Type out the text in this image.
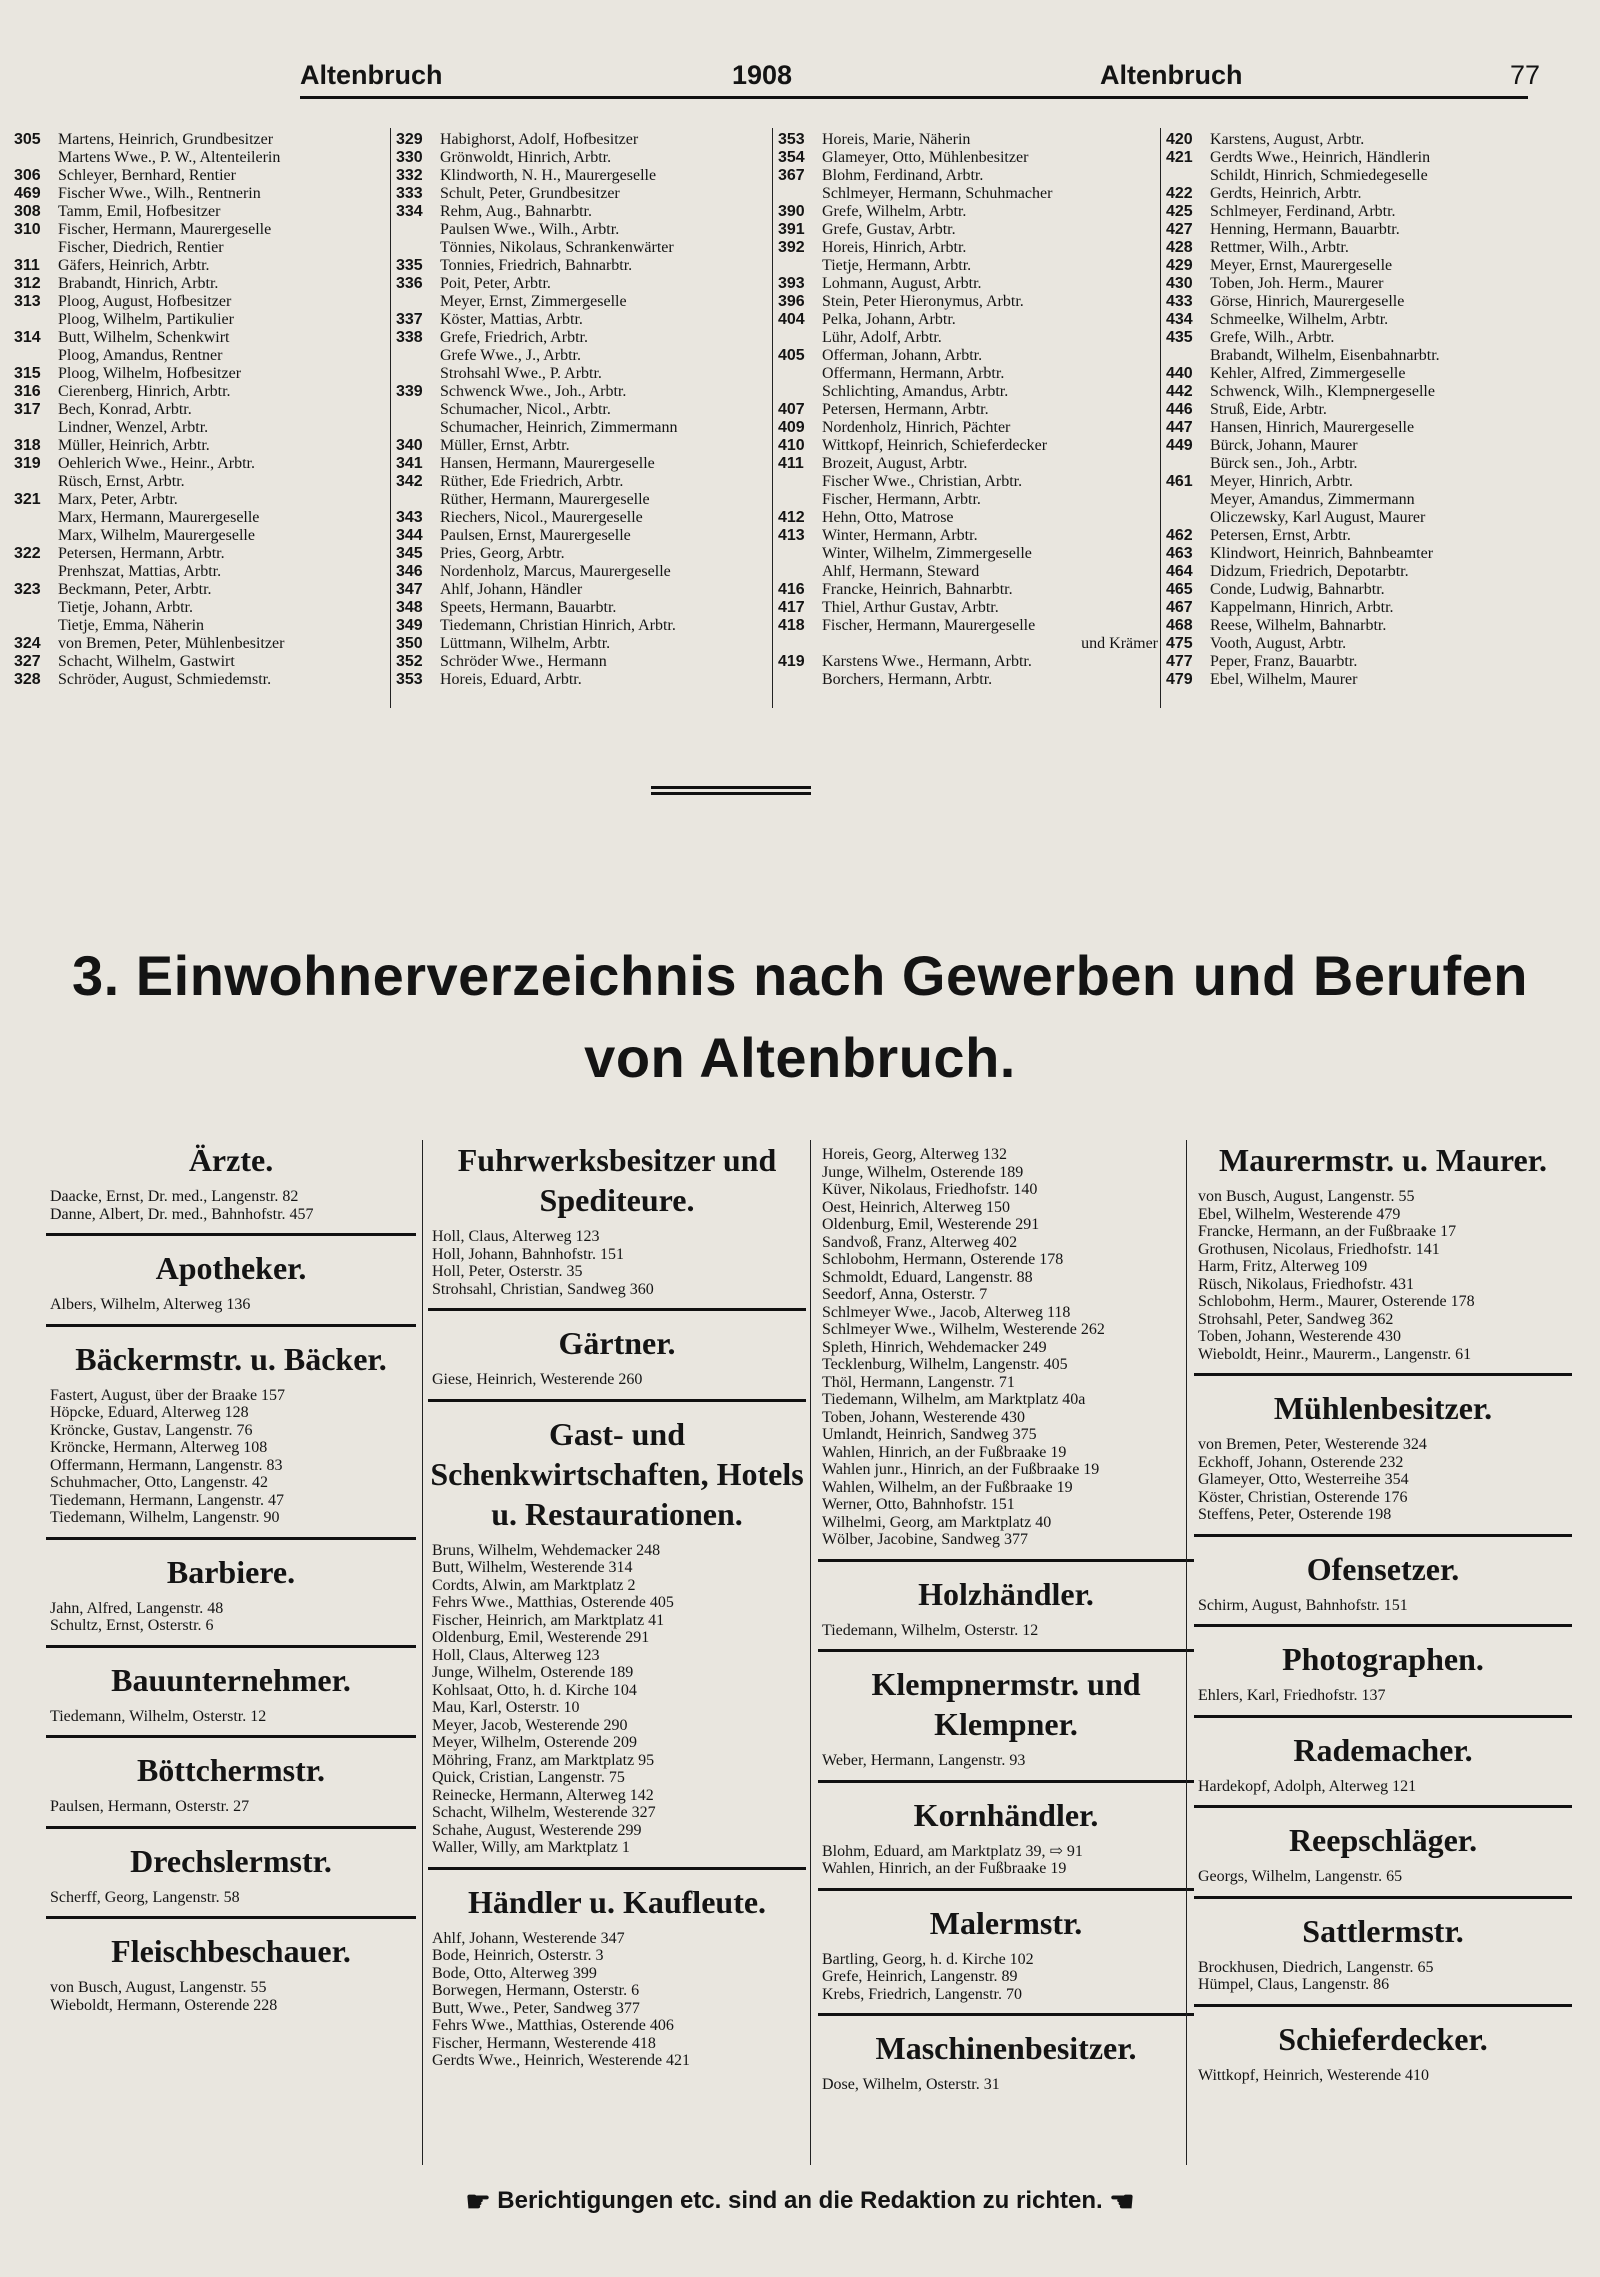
Altenbruch	1908	Altenbruch	77
305 Martens, Heinrich, Grundbesitzer
Martens Wwe., P. W., Altenteilerin
306 Schleyer, Bernhard, Rentier
469 Fischer Wwe., Wilh., Rentnerin
308 Tamm, Emil, Hofbesitzer
310 Fischer, Hermann, Maurergeselle
Fischer, Diedrich, Rentier
311 Gäfers, Heinrich, Arbtr.
312 Brabandt, Hinrich, Arbtr.
313 Ploog, August, Hofbesitzer
Ploog, Wilhelm, Partikulier
314 Butt, Wilhelm, Schenkwirt
Ploog, Amandus, Rentner
315 Ploog, Wilhelm, Hofbesitzer
316 Cierenberg, Hinrich, Arbtr.
317 Bech, Konrad, Arbtr.
Lindner, Wenzel, Arbtr.
318 Müller, Heinrich, Arbtr.
319 Oehlerich Wwe., Heinr., Arbtr.
Rüsch, Ernst, Arbtr.
321 Marx, Peter, Arbtr.
Marx, Hermann, Maurergeselle
Marx, Wilhelm, Maurergeselle
322 Petersen, Hermann, Arbtr.
Prenhszat, Mattias, Arbtr.
323 Beckmann, Peter, Arbtr.
Tietje, Johann, Arbtr.
Tietje, Emma, Näherin
324 von Bremen, Peter, Mühlenbesitzer
327 Schacht, Wilhelm, Gastwirt
328 Schröder, August, Schmiedemstr.
329 Habighorst, Adolf, Hofbesitzer
330 Grönwoldt, Hinrich, Arbtr.
332 Klindworth, N. H., Maurergeselle
333 Schult, Peter, Grundbesitzer
334 Rehm, Aug., Bahnarbtr.
Paulsen Wwe., Wilh., Arbtr.
Tönnies, Nikolaus, Schrankenwärter
335 Tonnies, Friedrich, Bahnarbtr.
336 Poit, Peter, Arbtr.
Meyer, Ernst, Zimmergeselle
337 Köster, Mattias, Arbtr.
338 Grefe, Friedrich, Arbtr.
Grefe Wwe., J., Arbtr.
Strohsahl Wwe., P. Arbtr.
339 Schwenck Wwe., Joh., Arbtr.
Schumacher, Nicol., Arbtr.
Schumacher, Heinrich, Zimmermann
340 Müller, Ernst, Arbtr.
341 Hansen, Hermann, Maurergeselle
342 Rüther, Ede Friedrich, Arbtr.
Rüther, Hermann, Maurergeselle
343 Riechers, Nicol., Maurergeselle
344 Paulsen, Ernst, Maurergeselle
345 Pries, Georg, Arbtr.
346 Nordenholz, Marcus, Maurergeselle
347 Ahlf, Johann, Händler
348 Speets, Hermann, Bauarbtr.
349 Tiedemann, Christian Hinrich, Arbtr.
350 Lüttmann, Wilhelm, Arbtr.
352 Schröder Wwe., Hermann
353 Horeis, Eduard, Arbtr.
353 Horeis, Marie, Näherin
354 Glameyer, Otto, Mühlenbesitzer
367 Blohm, Ferdinand, Arbtr.
Schlmeyer, Hermann, Schuhmacher
390 Grefe, Wilhelm, Arbtr.
391 Grefe, Gustav, Arbtr.
392 Horeis, Hinrich, Arbtr.
Tietje, Hermann, Arbtr.
393 Lohmann, August, Arbtr.
396 Stein, Peter Hieronymus, Arbtr.
404 Pelka, Johann, Arbtr.
Lühr, Adolf, Arbtr.
405 Offerman, Johann, Arbtr.
Offermann, Hermann, Arbtr.
Schlichting, Amandus, Arbtr.
407 Petersen, Hermann, Arbtr.
409 Nordenholz, Hinrich, Pächter
410 Wittkopf, Heinrich, Schieferdecker
411 Brozeit, August, Arbtr.
Fischer Wwe., Christian, Arbtr.
Fischer, Hermann, Arbtr.
412 Hehn, Otto, Matrose
413 Winter, Hermann, Arbtr.
Winter, Wilhelm, Zimmergeselle
Ahlf, Hermann, Steward
416 Francke, Heinrich, Bahnarbtr.
417 Thiel, Arthur Gustav, Arbtr.
418 Fischer, Hermann, Maurergeselle
und Krämer
419 Karstens Wwe., Hermann, Arbtr.
Borchers, Hermann, Arbtr.
420 Karstens, August, Arbtr.
421 Gerdts Wwe., Heinrich, Händlerin
Schildt, Hinrich, Schmiedegeselle
422 Gerdts, Heinrich, Arbtr.
425 Schlmeyer, Ferdinand, Arbtr.
427 Henning, Hermann, Bauarbtr.
428 Rettmer, Wilh., Arbtr.
429 Meyer, Ernst, Maurergeselle
430 Toben, Joh. Herm., Maurer
433 Görse, Hinrich, Maurergeselle
434 Schmeelke, Wilhelm, Arbtr.
435 Grefe, Wilh., Arbtr.
Brabandt, Wilhelm, Eisenbahnarbtr.
440 Kehler, Alfred, Zimmergeselle
442 Schwenck, Wilh., Klempnergeselle
446 Struß, Eide, Arbtr.
447 Hansen, Hinrich, Maurergeselle
449 Bürck, Johann, Maurer
Bürck sen., Joh., Arbtr.
461 Meyer, Hinrich, Arbtr.
Meyer, Amandus, Zimmermann
Oliczewsky, Karl August, Maurer
462 Petersen, Ernst, Arbtr.
463 Klindwort, Heinrich, Bahnbeamter
464 Didzum, Friedrich, Depotarbtr.
465 Conde, Ludwig, Bahnarbtr.
467 Kappelmann, Hinrich, Arbtr.
468 Reese, Wilhelm, Bahnarbtr.
475 Vooth, August, Arbtr.
477 Peper, Franz, Bauarbtr.
479 Ebel, Wilhelm, Maurer
3. Einwohnerverzeichnis nach Gewerben und Berufen
von Altenbruch.
Ärzte.
Daacke, Ernst, Dr. med., Langenstr. 82
Danne, Albert, Dr. med., Bahnhofstr. 457
Apotheker.
Albers, Wilhelm, Alterweg 136
Bäckermstr. u. Bäcker.
Fastert, August, über der Braake 157
Höpcke, Eduard, Alterweg 128
Kröncke, Gustav, Langenstr. 76
Kröncke, Hermann, Alterweg 108
Offermann, Hermann, Langenstr. 83
Schuhmacher, Otto, Langenstr. 42
Tiedemann, Hermann, Langenstr. 47
Tiedemann, Wilhelm, Langenstr. 90
Barbiere.
Jahn, Alfred, Langenstr. 48
Schultz, Ernst, Osterstr. 6
Bauunternehmer.
Tiedemann, Wilhelm, Osterstr. 12
Böttchermstr.
Paulsen, Hermann, Osterstr. 27
Drechslermstr.
Scherff, Georg, Langenstr. 58
Fleischbeschauer.
von Busch, August, Langenstr. 55
Wieboldt, Hermann, Osterende 228
Fuhrwerksbesitzer und Spediteure.
Holl, Claus, Alterweg 123
Holl, Johann, Bahnhofstr. 151
Holl, Peter, Osterstr. 35
Strohsahl, Christian, Sandweg 360
Gärtner.
Giese, Heinrich, Westerende 260
Gast- und Schenkwirtschaften, Hotels u. Restaurationen.
Bruns, Wilhelm, Wehdemacker 248
Butt, Wilhelm, Westerende 314
Cordts, Alwin, am Marktplatz 2
Fehrs Wwe., Matthias, Osterende 405
Fischer, Heinrich, am Marktplatz 41
Oldenburg, Emil, Westerende 291
Holl, Claus, Alterweg 123
Junge, Wilhelm, Osterende 189
Kohlsaat, Otto, h. d. Kirche 104
Mau, Karl, Osterstr. 10
Meyer, Jacob, Westerende 290
Meyer, Wilhelm, Osterende 209
Möhring, Franz, am Marktplatz 95
Quick, Cristian, Langenstr. 75
Reinecke, Hermann, Alterweg 142
Schacht, Wilhelm, Westerende 327
Schahe, August, Westerende 299
Waller, Willy, am Marktplatz 1
Händler u. Kaufleute.
Ahlf, Johann, Westerende 347
Bode, Heinrich, Osterstr. 3
Bode, Otto, Alterweg 399
Borwegen, Hermann, Osterstr. 6
Butt, Wwe., Peter, Sandweg 377
Fehrs Wwe., Matthias, Osterende 406
Fischer, Hermann, Westerende 418
Gerdts Wwe., Heinrich, Westerende 421
Horeis, Georg, Alterweg 132
Junge, Wilhelm, Osterende 189
Küver, Nikolaus, Friedhofstr. 140
Oest, Heinrich, Alterweg 150
Oldenburg, Emil, Westerende 291
Sandvoß, Franz, Alterweg 402
Schlobohm, Hermann, Osterende 178
Schmoldt, Eduard, Langenstr. 88
Seedorf, Anna, Osterstr. 7
Schlmeyer Wwe., Jacob, Alterweg 118
Schlmeyer Wwe., Wilhelm, Westerende 262
Spleth, Hinrich, Wehdemacker 249
Tecklenburg, Wilhelm, Langenstr. 405
Thöl, Hermann, Langenstr. 71
Tiedemann, Wilhelm, am Marktplatz 40a
Toben, Johann, Westerende 430
Umlandt, Heinrich, Sandweg 375
Wahlen, Hinrich, an der Fußbraake 19
Wahlen junr., Hinrich, an der Fußbraake 19
Wahlen, Wilhelm, an der Fußbraake 19
Werner, Otto, Bahnhofstr. 151
Wilhelmi, Georg, am Marktplatz 40
Wölber, Jacobine, Sandweg 377
Holzhändler.
Tiedemann, Wilhelm, Osterstr. 12
Klempnermstr. und Klempner.
Weber, Hermann, Langenstr. 93
Kornhändler.
Blohm, Eduard, am Marktplatz 39, ⇨ 91
Wahlen, Hinrich, an der Fußbraake 19
Malermstr.
Bartling, Georg, h. d. Kirche 102
Grefe, Heinrich, Langenstr. 89
Krebs, Friedrich, Langenstr. 70
Maschinenbesitzer.
Dose, Wilhelm, Osterstr. 31
Maurermstr. u. Maurer.
von Busch, August, Langenstr. 55
Ebel, Wilhelm, Westerende 479
Francke, Hermann, an der Fußbraake 17
Grothusen, Nicolaus, Friedhofstr. 141
Harm, Fritz, Alterweg 109
Rüsch, Nikolaus, Friedhofstr. 431
Schlobohm, Herm., Maurer, Osterende 178
Strohsahl, Peter, Sandweg 362
Toben, Johann, Westerende 430
Wieboldt, Heinr., Maurerm., Langenstr. 61
Mühlenbesitzer.
von Bremen, Peter, Westerende 324
Eckhoff, Johann, Osterende 232
Glameyer, Otto, Westerreihe 354
Köster, Christian, Osterende 176
Steffens, Peter, Osterende 198
Ofensetzer.
Schirm, August, Bahnhofstr. 151
Photographen.
Ehlers, Karl, Friedhofstr. 137
Rademacher.
Hardekopf, Adolph, Alterweg 121
Reepschläger.
Georgs, Wilhelm, Langenstr. 65
Sattlermstr.
Brockhusen, Diedrich, Langenstr. 65
Hümpel, Claus, Langenstr. 86
Schieferdecker.
Wittkopf, Heinrich, Westerende 410
☛ Berichtigungen etc. sind an die Redaktion zu richten. ☚
